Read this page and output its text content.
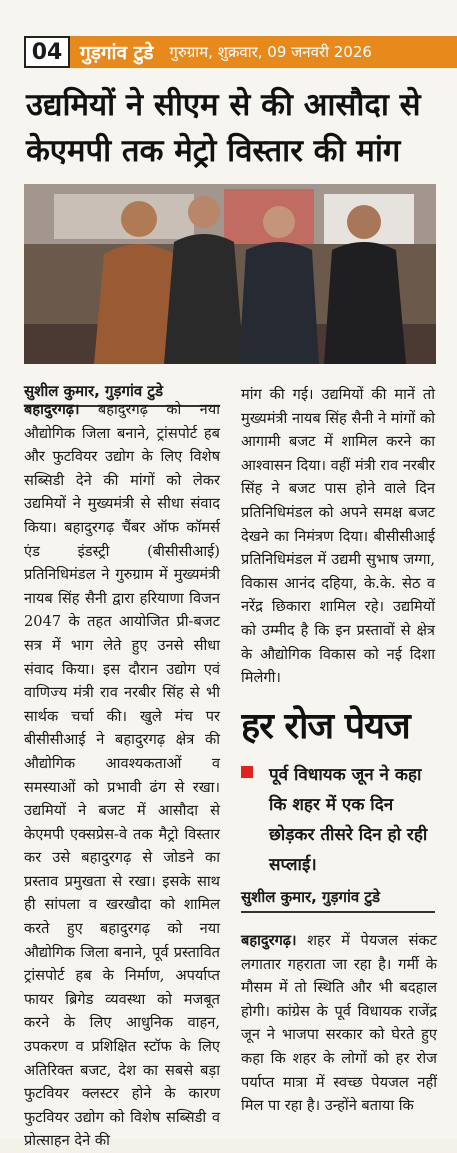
04 गुड़गांव टुडे	गुरुग्राम, शुक्रवार, 09 जनवरी 2026
उद्यमियों ने सीएम से की आसौदा से
केएमपी तक मेट्रो विस्तार की मांग
सुशील कुमार, गुड़गांव टुडे

बहादुरगढ़। बहादुरगढ़ को नया औद्योगिक जिला बनाने, ट्रांसपोर्ट हब और फुटवियर उद्योग के लिए विशेष सब्सिडी देने की मांगों को लेकर उद्यमियों ने मुख्यमंत्री से सीधा संवाद किया। बहादुरगढ़ चैंबर ऑफ कॉमर्स एंड इंडस्ट्री (बीसीसीआई) प्रतिनिधिमंडल ने गुरुग्राम में मुख्यमंत्री नायब सिंह सैनी द्वारा हरियाणा विजन 2047 के तहत आयोजित प्री-बजट सत्र में भाग लेते हुए उनसे सीधा संवाद किया। इस दौरान उद्योग एवं वाणिज्य मंत्री राव नरबीर सिंह से भी सार्थक चर्चा की। खुले मंच पर बीसीसीआई ने बहादुरगढ़ क्षेत्र की औद्योगिक आवश्यकताओं व समस्याओं को प्रभावी ढंग से रखा। उद्यमियों ने बजट में आसौदा से केएमपी एक्सप्रेस-वे तक मैट्रो विस्तार कर उसे बहादुरगढ़ से जोडने का प्रस्ताव प्रमुखता से रखा। इसके साथ ही सांपला व खरखौदा को शामिल करते हुए बहादुरगढ़ को नया औद्योगिक जिला बनाने, पूर्व प्रस्तावित ट्रांसपोर्ट हब के निर्माण, अपर्याप्त फायर ब्रिगेड व्यवस्था को मजबूत करने के लिए आधुनिक वाहन, उपकरण व प्रशिक्षित स्टॉफ के लिए अतिरिक्त बजट, देश का सबसे बड़ा फुटवियर क्लस्टर होने के कारण फुटवियर उद्योग को विशेष सब्सिडी व प्रोत्साहन देने की

मांग की गई। उद्यमियों की मानें तो मुख्यमंत्री नायब सिंह सैनी ने मांगों को आगामी बजट में शामिल करने का आश्वासन दिया। वहीं मंत्री राव नरबीर सिंह ने बजट पास होने वाले दिन प्रतिनिधिमंडल को अपने समक्ष बजट देखने का निमंत्रण दिया। बीसीसीआई प्रतिनिधिमंडल में उद्यमी सुभाष जग्गा, विकास आनंद दहिया, के.के. सेठ व नरेंद्र छिकारा शामिल रहे। उद्यमियों को उम्मीद है कि इन प्रस्तावों से क्षेत्र के औद्योगिक विकास को नई दिशा मिलेगी।

हर रोज पेयज
पूर्व विधायक जून ने कहा कि शहर में एक दिन छोड़कर तीसरे दिन हो रही सप्लाई।
सुशील कुमार, गुड़गांव टुडे

बहादुरगढ़। शहर में पेयजल संकट लगातार गहराता जा रहा है। गर्मी के मौसम में तो स्थिति और भी बदहाल होगी। कांग्रेस के पूर्व विधायक राजेंद्र जून ने भाजपा सरकार को घेरते हुए कहा कि शहर के लोगों को हर रोज पर्याप्त मात्रा में स्वच्छ पेयजल नहीं मिल पा रहा है। उन्होंने बताया कि
